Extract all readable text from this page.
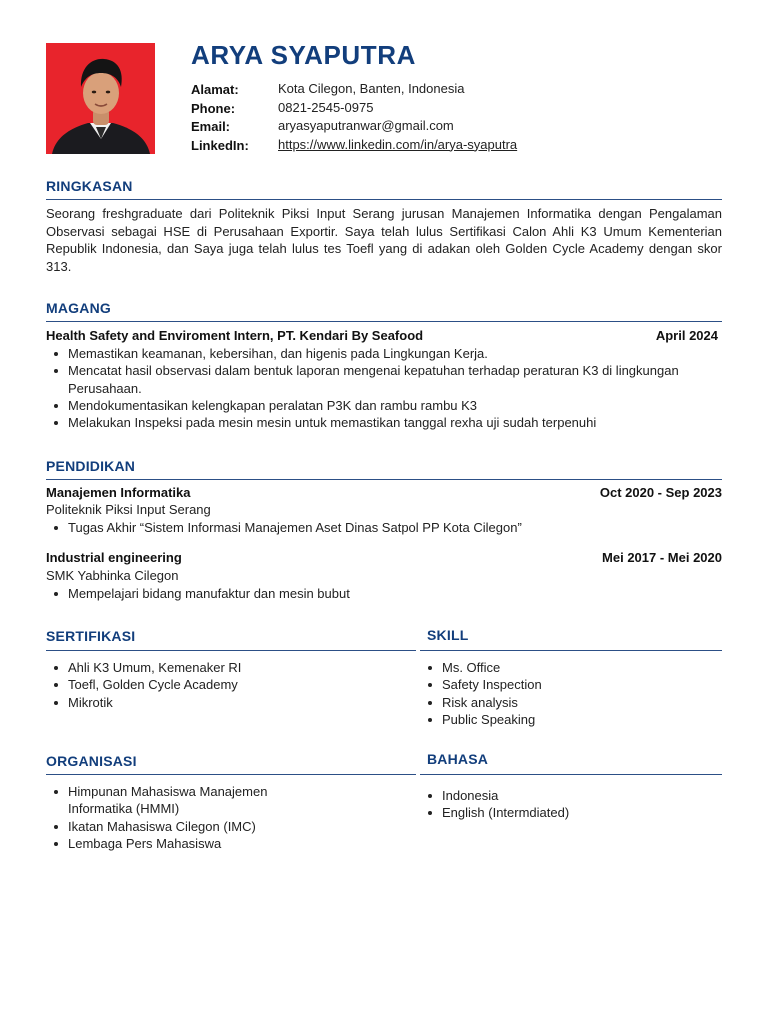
ARYA SYAPUTRA
Alamat:	Kota Cilegon, Banten, Indonesia
Phone:	0821-2545-0975
Email:	aryasyaputranwar@gmail.com
LinkedIn: https://www.linkedin.com/in/arya-syaputra
RINGKASAN
Seorang freshgraduate dari Politeknik Piksi Input Serang jurusan Manajemen Informatika dengan Pengalaman Observasi sebagai HSE di Perusahaan Exportir. Saya telah lulus Sertifikasi Calon Ahli K3 Umum Kementerian Republik Indonesia, dan Saya juga telah lulus tes Toefl yang di adakan oleh Golden Cycle Academy dengan skor 313.
MAGANG
Health Safety and Enviroment Intern, PT. Kendari By Seafood	April 2024
Memastikan keamanan, kebersihan, dan higenis pada Lingkungan Kerja.
Mencatat hasil observasi dalam bentuk laporan mengenai kepatuhan terhadap peraturan K3 di lingkungan Perusahaan.
Mendokumentasikan kelengkapan peralatan P3K dan rambu rambu K3
Melakukan Inspeksi pada mesin mesin untuk memastikan tanggal rexha uji sudah terpenuhi
PENDIDIKAN
Manajemen Informatika	Oct 2020 - Sep 2023
Politeknik Piksi Input Serang
Tugas Akhir “Sistem Informasi Manajemen Aset Dinas Satpol PP Kota Cilegon”
Industrial engineering	Mei 2017 - Mei 2020
SMK Yabhinka Cilegon
Mempelajari bidang manufaktur dan mesin bubut
SERTIFIKASI
Ahli K3 Umum, Kemenaker RI
Toefl, Golden Cycle Academy
Mikrotik
SKILL
Ms. Office
Safety Inspection
Risk analysis
Public Speaking
ORGANISASI
Himpunan Mahasiswa Manajemen Informatika (HMMI)
Ikatan Mahasiswa Cilegon (IMC)
Lembaga Pers Mahasiswa
BAHASA
Indonesia
English (Intermdiated)
